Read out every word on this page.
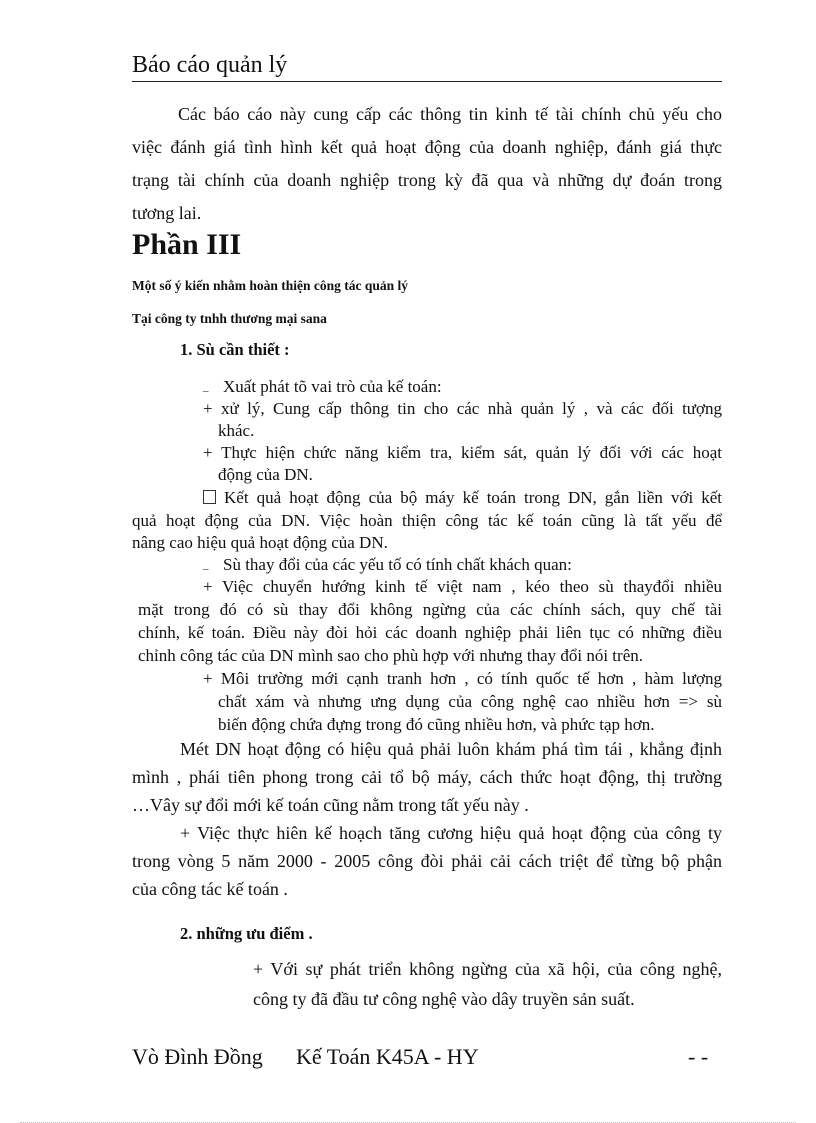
Báo cáo quản lý
Các báo cáo này cung cấp các thông tin kinh tế tài chính chủ yếu cho
việc đánh giá tình hình kết quả hoạt động của doanh nghiệp, đánh giá thực
trạng tài chính của doanh nghiệp trong kỳ đã qua và những dự đoán trong
tương lai.
Phần III
Một số ý kiến nhằm hoàn thiện công tác quản lý
Tại công ty tnhh thương mại sana
1. Sù cần thiết :
_ Xuất phát tõ vai trò của kế toán:
+ xử lý, Cung cấp thông tin cho các nhà quản lý , và các đối tượng
khác.
+ Thực hiện chức năng kiểm tra, kiểm sát, quản lý đối với các hoạt
động của DN.
Kết quả hoạt động của bộ máy kế toán trong DN, gắn liền với kết
quả hoạt động của DN. Việc hoàn thiện công tác kế toán cũng là tất yếu để
nâng cao hiệu quả hoạt động của DN.
_ Sù thay đổi của các yếu tố có tính chất khách quan:
+ Việc chuyển hướng kinh tế việt nam , kéo theo sù thayđổi nhiều
mặt trong đó có sù thay đổi không ngừng của các chính sách, quy chế tài
chính, kế toán. Điều này đòi hỏi các doanh nghiệp phải liên tục có những điều
chỉnh công tác của DN mình sao cho phù hợp với nhưng thay đổi nói trên.
+ Môi trường mới cạnh tranh hơn , có tính quốc tế hơn , hàm lượng
chất xám và nhưng ưng dụng của công nghệ cao nhiều hơn => sù
biến động chứa đựng trong đó cũng nhiều hơn, và phức tạp hơn.
Mét DN hoạt động có hiệu quả phải luôn khám phá tìm tái , khẳng định
mình , phái tiên phong trong cải tổ bộ máy, cách thức hoạt động, thị trường
…Vây sự đổi mới kế toán cũng nằm trong tất yếu này .
+ Việc thực hiên kế hoạch tăng cương hiệu quả hoạt động của công ty
trong vòng 5 năm 2000 - 2005 công đòi phải cải cách triệt để từng bộ phận
của công tác kế toán .
2. những ưu điểm .
+ Với sự phát triển không ngừng của xã hội, của công nghệ,
công ty đã đầu tư công nghệ vào dây truyền sản suất.
Vò Đình Đồng Kế Toán K45A - HY	- -
